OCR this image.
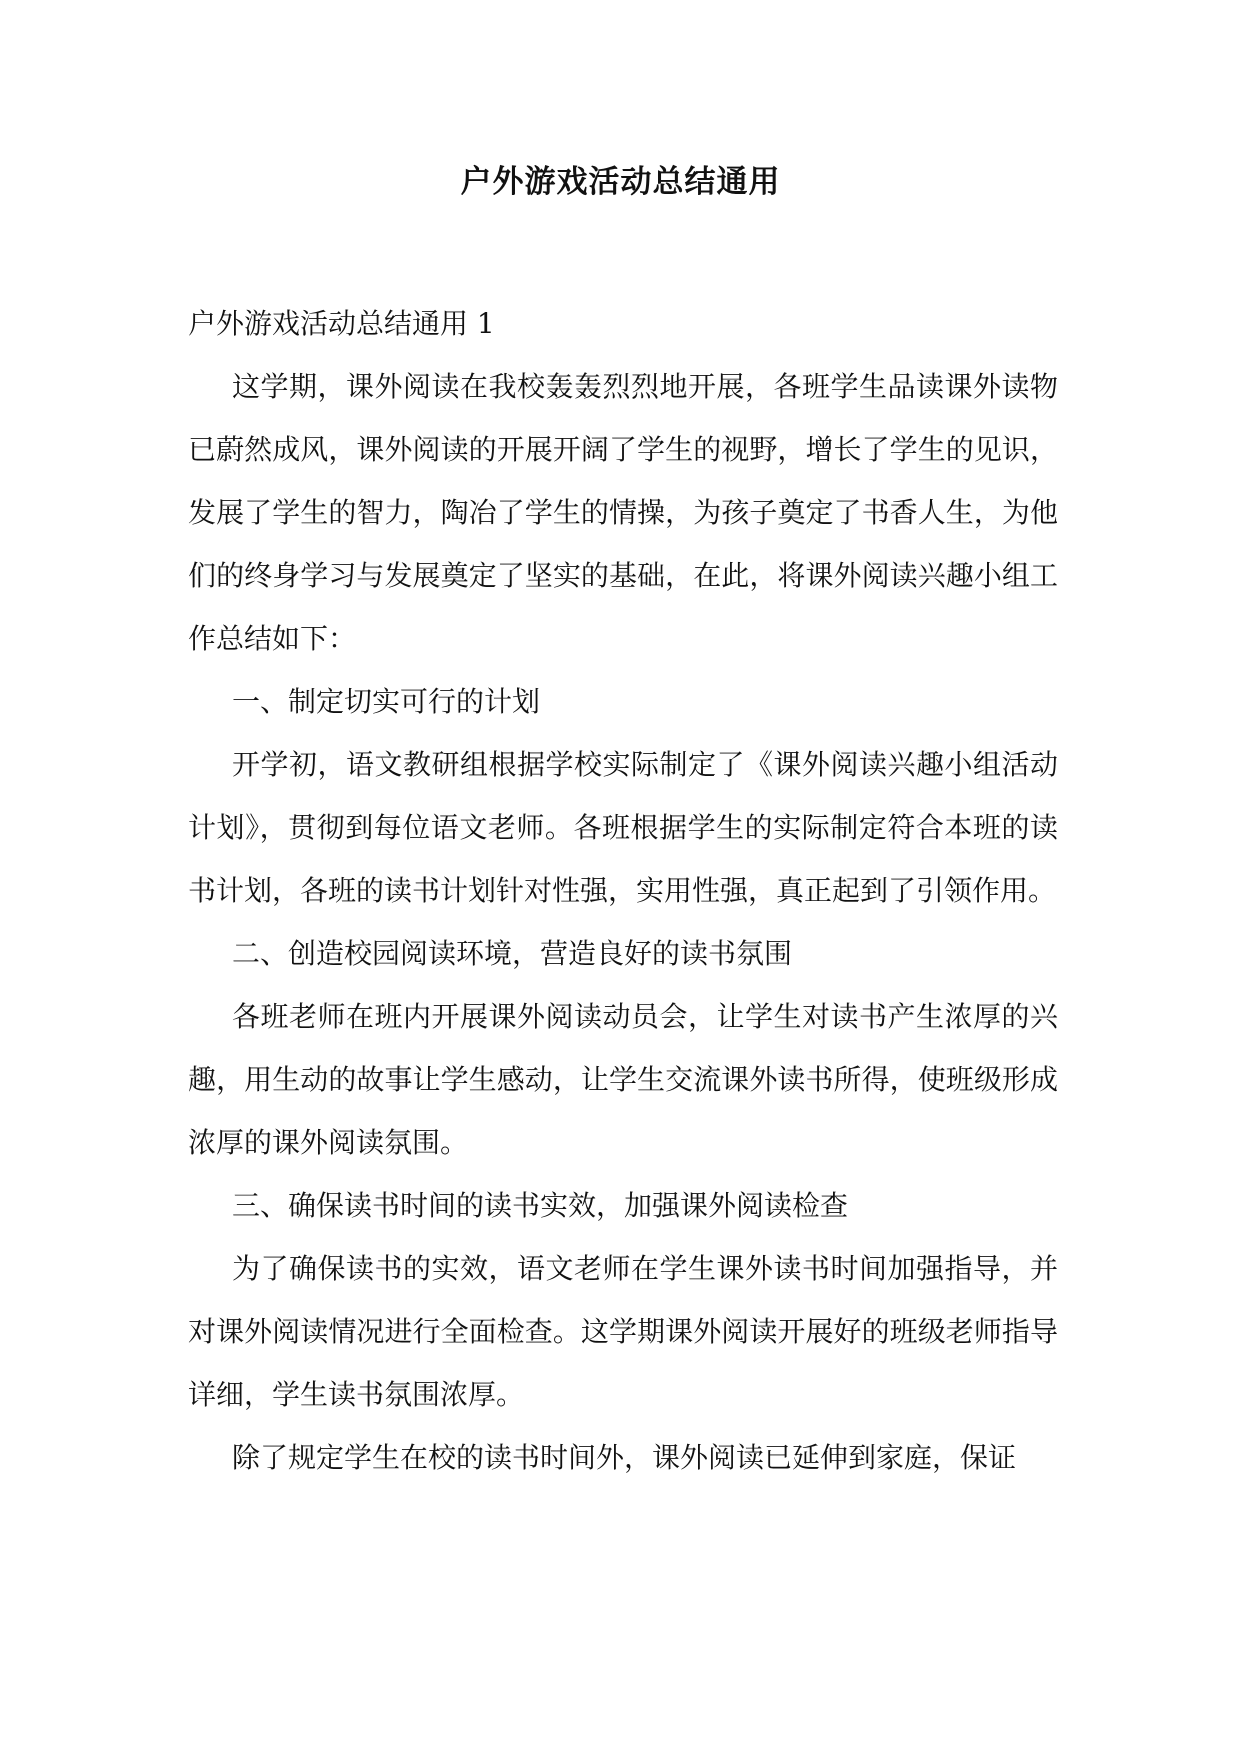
户外游戏活动总结通用

户外游戏活动总结通用 1

这学期，课外阅读在我校轰轰烈烈地开展，各班学生品读课外读物已蔚然成风，课外阅读的开展开阔了学生的视野，增长了学生的见识，发展了学生的智力，陶冶了学生的情操，为孩子奠定了书香人生，为他们的终身学习与发展奠定了坚实的基础，在此，将课外阅读兴趣小组工作总结如下：

一、制定切实可行的计划

开学初，语文教研组根据学校实际制定了《课外阅读兴趣小组活动计划》，贯彻到每位语文老师。各班根据学生的实际制定符合本班的读书计划，各班的读书计划针对性强，实用性强，真正起到了引领作用。

二、创造校园阅读环境，营造良好的读书氛围

各班老师在班内开展课外阅读动员会，让学生对读书产生浓厚的兴趣，用生动的故事让学生感动，让学生交流课外读书所得，使班级形成浓厚的课外阅读氛围。

三、确保读书时间的读书实效，加强课外阅读检查

为了确保读书的实效，语文老师在学生课外读书时间加强指导，并对课外阅读情况进行全面检查。这学期课外阅读开展好的班级老师指导详细，学生读书氛围浓厚。

除了规定学生在校的读书时间外，课外阅读已延伸到家庭，保证
